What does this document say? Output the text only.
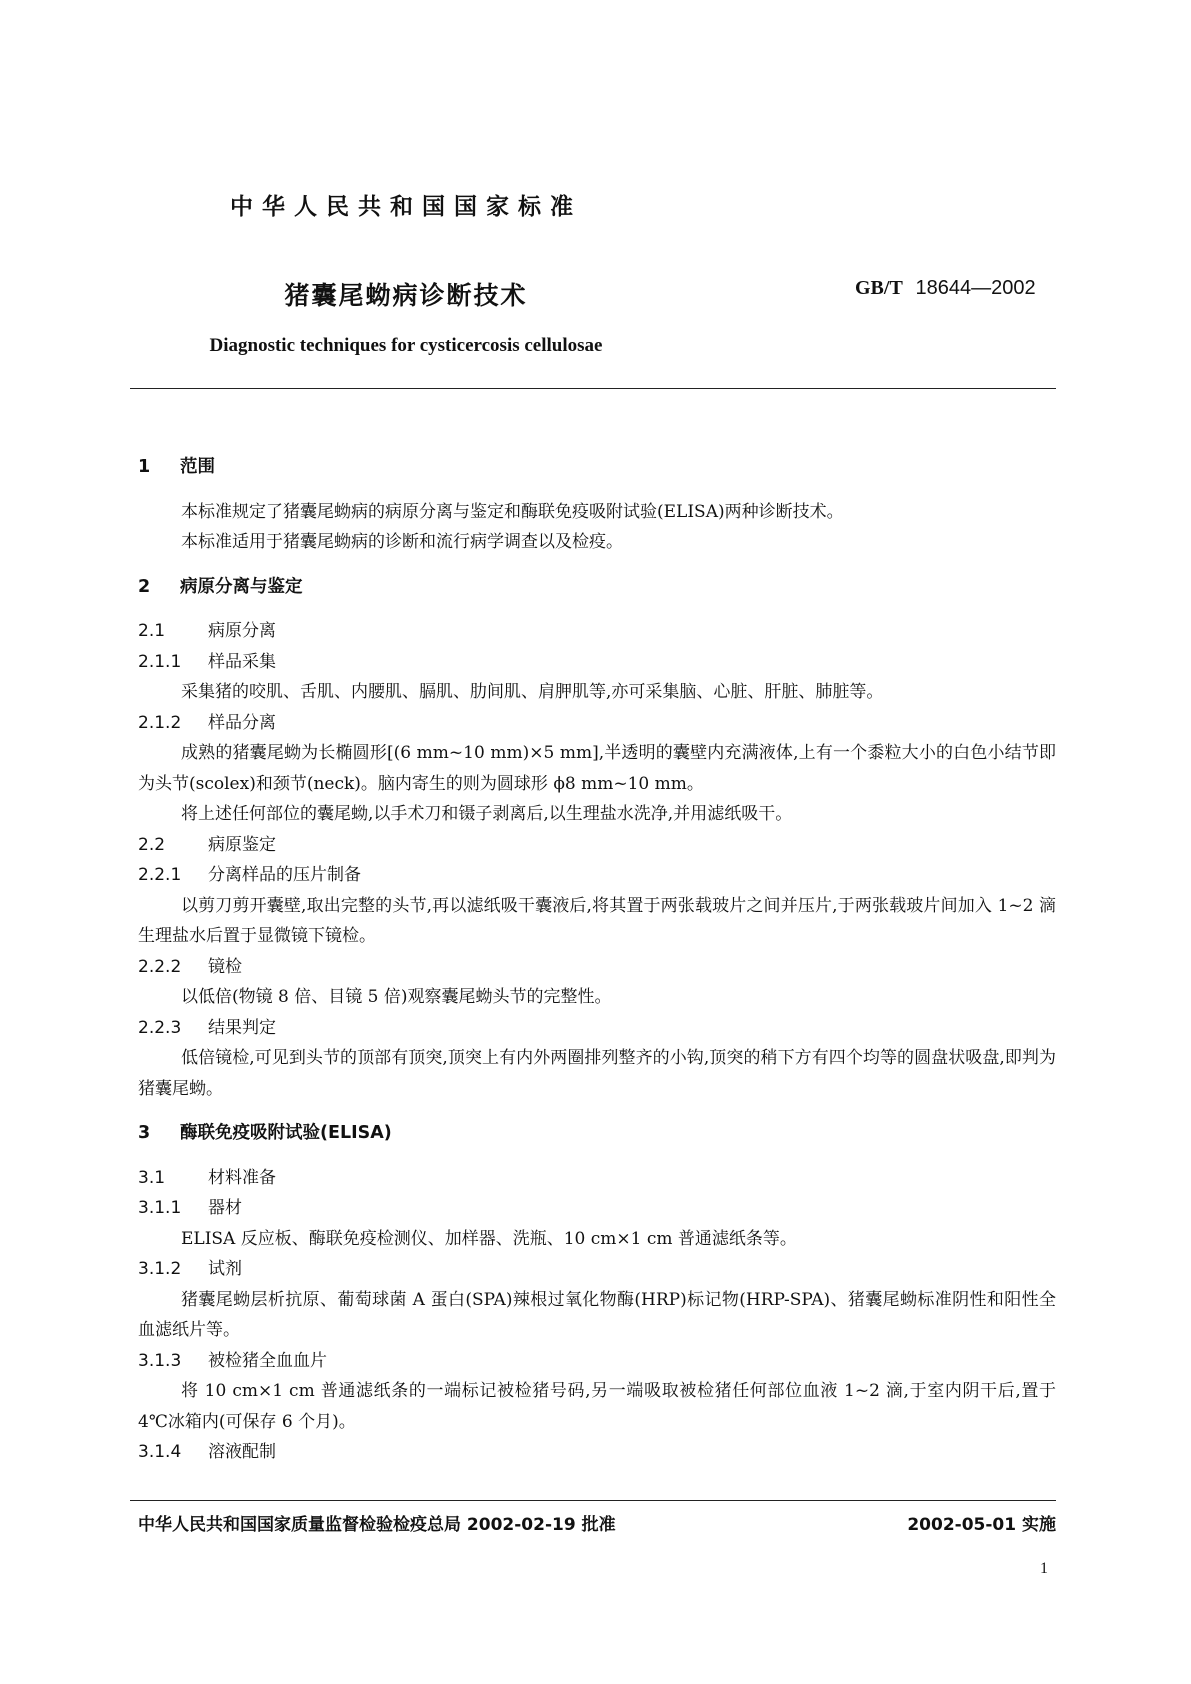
中华人民共和国国家标准
猪囊尾蚴病诊断技术	GB/T 18644—2002
Diagnostic techniques for cysticercosis cellulosae

1 范围

本标准规定了猪囊尾蚴病的病原分离与鉴定和酶联免疫吸附试验(ELISA)两种诊断技术。

本标准适用于猪囊尾蚴病的诊断和流行病学调查以及检疫。

2 病原分离与鉴定

2.1	病原分离

2.1.1 样品采集

采集猪的咬肌、舌肌、内腰肌、膈肌、肋间肌、肩胛肌等,亦可采集脑、心脏、肝脏、肺脏等。

2.1.2 样品分离

成熟的猪囊尾蚴为长椭圆形[(6 mm~10 mm)×5 mm],半透明的囊壁内充满液体,上有一个黍粒大小的白色小结节即为头节(scolex)和颈节(neck)。脑内寄生的则为圆球形 ϕ8 mm~10 mm。

将上述任何部位的囊尾蚴,以手术刀和镊子剥离后,以生理盐水洗净,并用滤纸吸干。

2.2	病原鉴定

2.2.1 分离样品的压片制备

以剪刀剪开囊壁,取出完整的头节,再以滤纸吸干囊液后,将其置于两张载玻片之间并压片,于两张载玻片间加入 1~2 滴生理盐水后置于显微镜下镜检。

2.2.2 镜检

以低倍(物镜 8 倍、目镜 5 倍)观察囊尾蚴头节的完整性。

2.2.3 结果判定

低倍镜检,可见到头节的顶部有顶突,顶突上有内外两圈排列整齐的小钩,顶突的稍下方有四个均等的圆盘状吸盘,即判为猪囊尾蚴。

3 酶联免疫吸附试验(ELISA)

3.1	材料准备

3.1.1 器材

ELISA 反应板、酶联免疫检测仪、加样器、洗瓶、10 cm×1 cm 普通滤纸条等。

3.1.2 试剂

猪囊尾蚴层析抗原、葡萄球菌 A 蛋白(SPA)辣根过氧化物酶(HRP)标记物(HRP-SPA)、猪囊尾蚴标准阴性和阳性全血滤纸片等。

3.1.3 被检猪全血血片

将 10 cm×1 cm 普通滤纸条的一端标记被检猪号码,另一端吸取被检猪任何部位血液 1~2 滴,于室内阴干后,置于 4℃冰箱内(可保存 6 个月)。

3.1.4 溶液配制

中华人民共和国国家质量监督检验检疫总局 2002-02-19 批准	2002-05-01 实施
1
